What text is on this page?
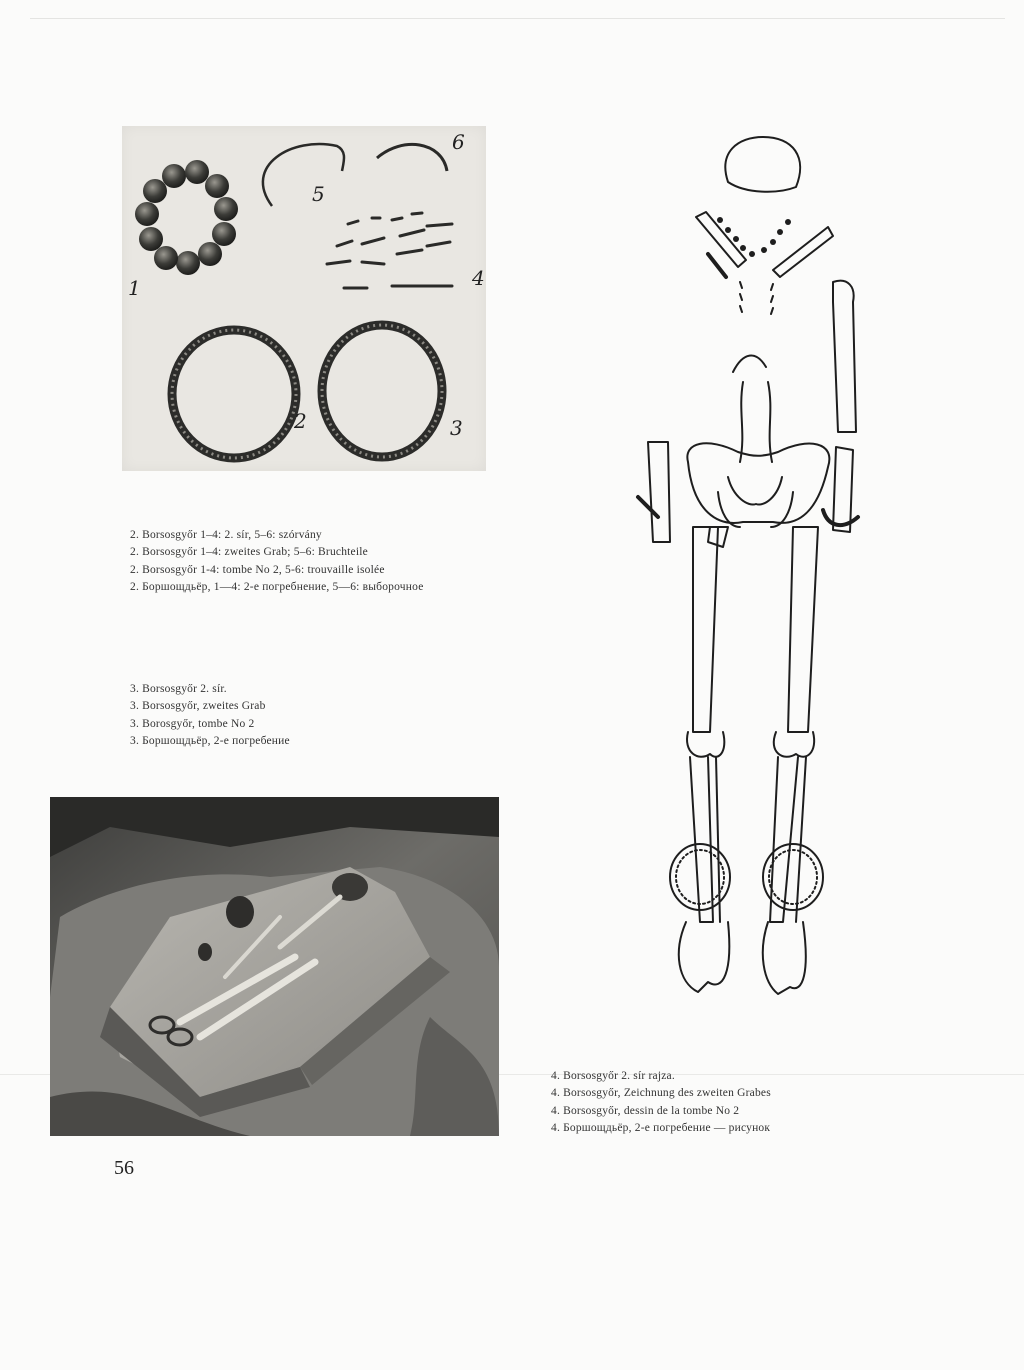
1
2	3
4
5
6
2. Borsosgyőr 1–4: 2. sír, 5–6: szórvány
2. Borsosgyőr 1–4: zweites Grab; 5–6: Bruchteile
2. Borsosgyőr 1-4: tombe No 2, 5-6: trouvaille isolée
2. Боршощдьёр, 1—4: 2-е погребнение, 5—6: выборочное
3. Borsosgyőr 2. sír.
3. Borsosgyőr, zweites Grab
3. Borosgyőr, tombe No 2
3. Боршощдьёр, 2-е погребение
4. Borsosgyőr 2. sír rajza.
4. Borsosgyőr, Zeichnung des zweiten Grabes
4. Borsosgyőr, dessin de la tombe No 2
4. Боршощдьёр, 2-е погребение — рисунок
56
